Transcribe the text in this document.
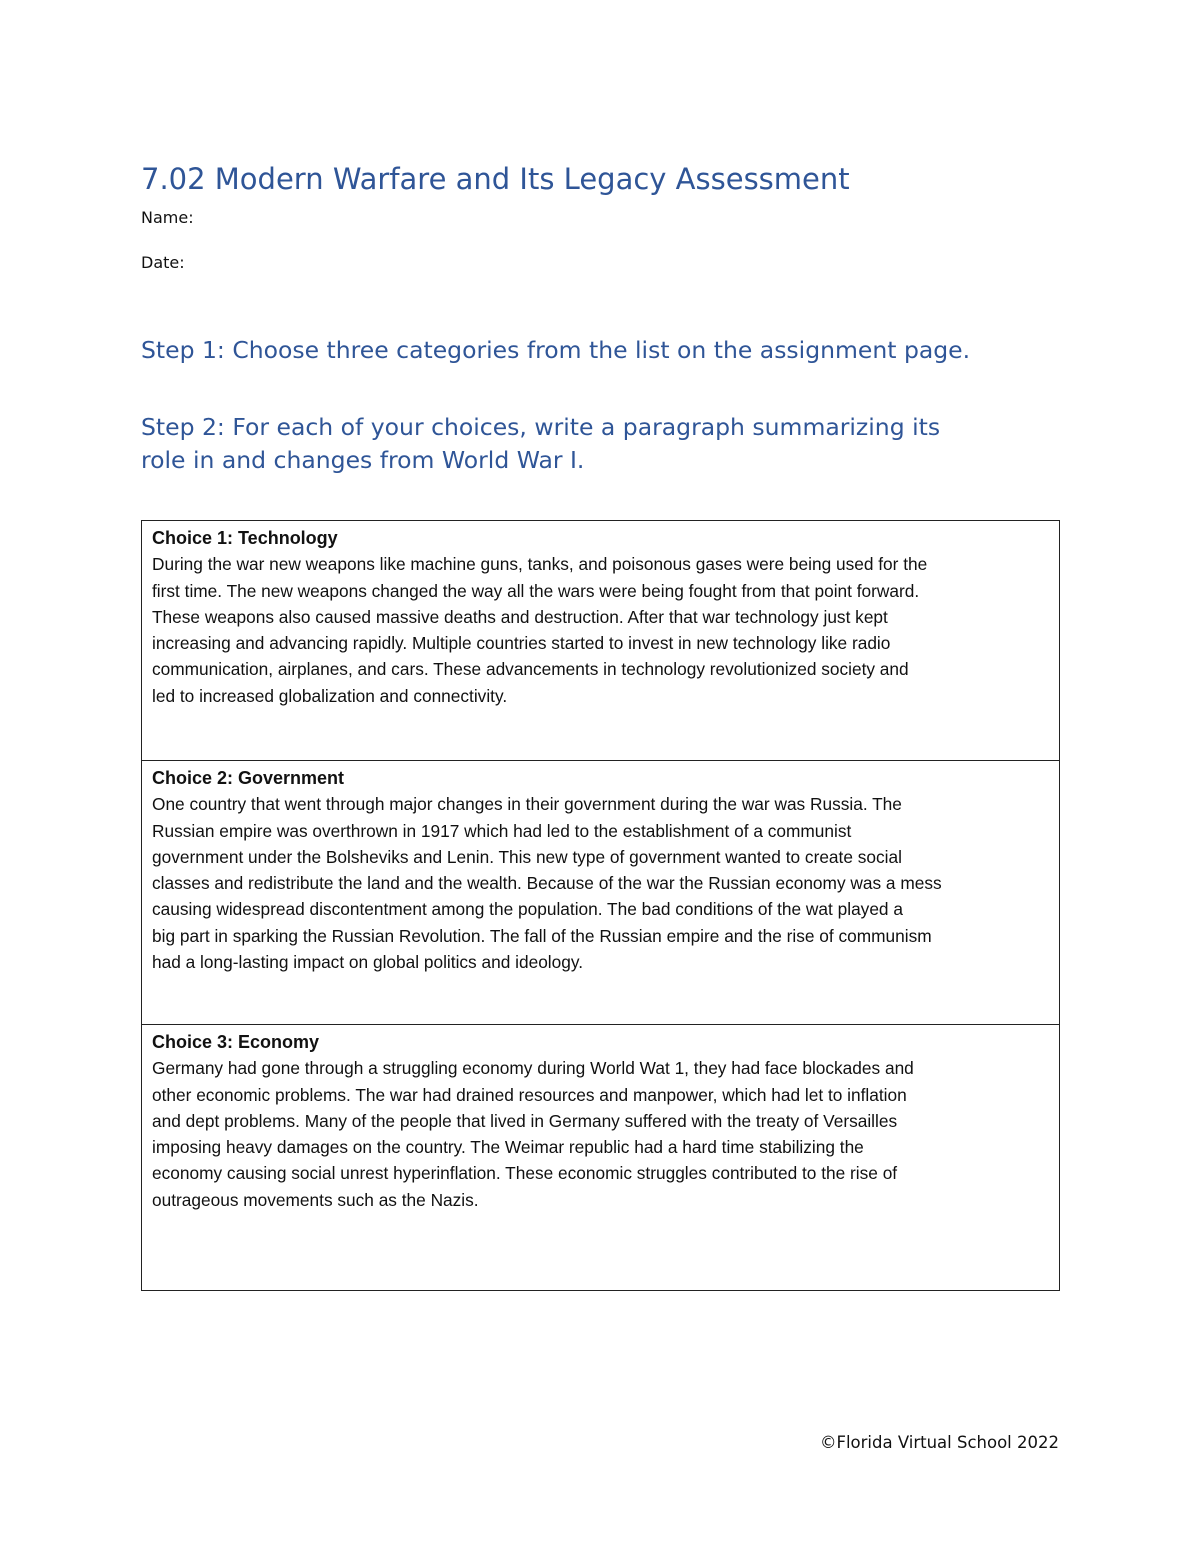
7.02 Modern Warfare and Its Legacy Assessment
Name:
Date:
Step 1: Choose three categories from the list on the assignment page.
Step 2: For each of your choices, write a paragraph summarizing its
role in and changes from World War I.
Choice 1: Technology
During the war new weapons like machine guns, tanks, and poisonous gases were being used for the
first time. The new weapons changed the way all the wars were being fought from that point forward.
These weapons also caused massive deaths and destruction. After that war technology just kept
increasing and advancing rapidly. Multiple countries started to invest in new technology like radio
communication, airplanes, and cars. These advancements in technology revolutionized society and
led to increased globalization and connectivity.

Choice 2: Government
One country that went through major changes in their government during the war was Russia. The
Russian empire was overthrown in 1917 which had led to the establishment of a communist
government under the Bolsheviks and Lenin. This new type of government wanted to create social
classes and redistribute the land and the wealth. Because of the war the Russian economy was a mess
causing widespread discontentment among the population. The bad conditions of the wat played a
big part in sparking the Russian Revolution. The fall of the Russian empire and the rise of communism
had a long-lasting impact on global politics and ideology.

Choice 3: Economy
Germany had gone through a struggling economy during World Wat 1, they had face blockades and
other economic problems. The war had drained resources and manpower, which had let to inflation
and dept problems. Many of the people that lived in Germany suffered with the treaty of Versailles
imposing heavy damages on the country. The Weimar republic had a hard time stabilizing the
economy causing social unrest hyperinflation. These economic struggles contributed to the rise of
outrageous movements such as the Nazis.
©Florida Virtual School 2022
